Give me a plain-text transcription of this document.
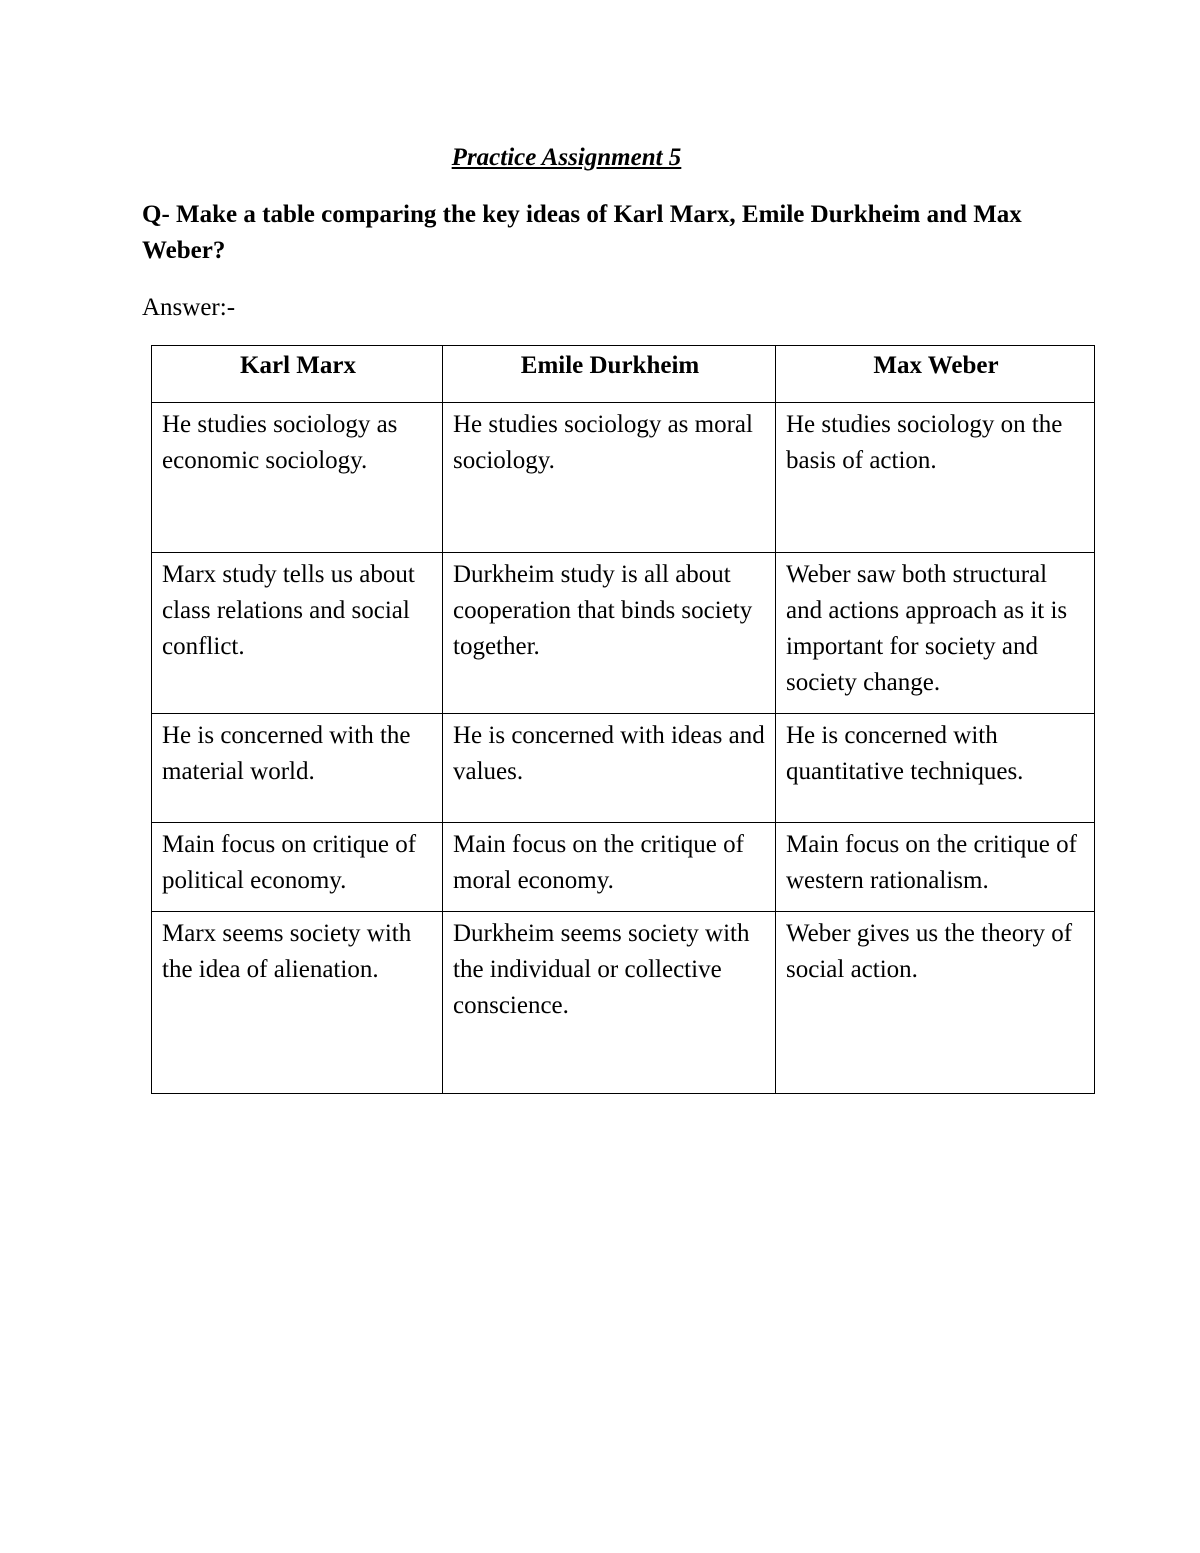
Practice Assignment 5

Q- Make a table comparing the key ideas of Karl Marx, Emile Durkheim and Max Weber?

Answer:-

Karl Marx	Emile Durkheim	Max Weber
He studies sociology as economic sociology.	He studies sociology as moral sociology.	He studies sociology on the basis of action.
Marx study tells us about class relations and social conflict.	Durkheim study is all about cooperation that binds society together.	Weber saw both structural and actions approach as it is important for society and society change.
He is concerned with the material world.	He is concerned with ideas and values.	He is concerned with quantitative techniques.
Main focus on critique of political economy.	Main focus on the critique of moral economy.	Main focus on the critique of western rationalism.
Marx seems society with the idea of alienation.	Durkheim seems society with the individual or collective conscience.	Weber gives us the theory of social action.
